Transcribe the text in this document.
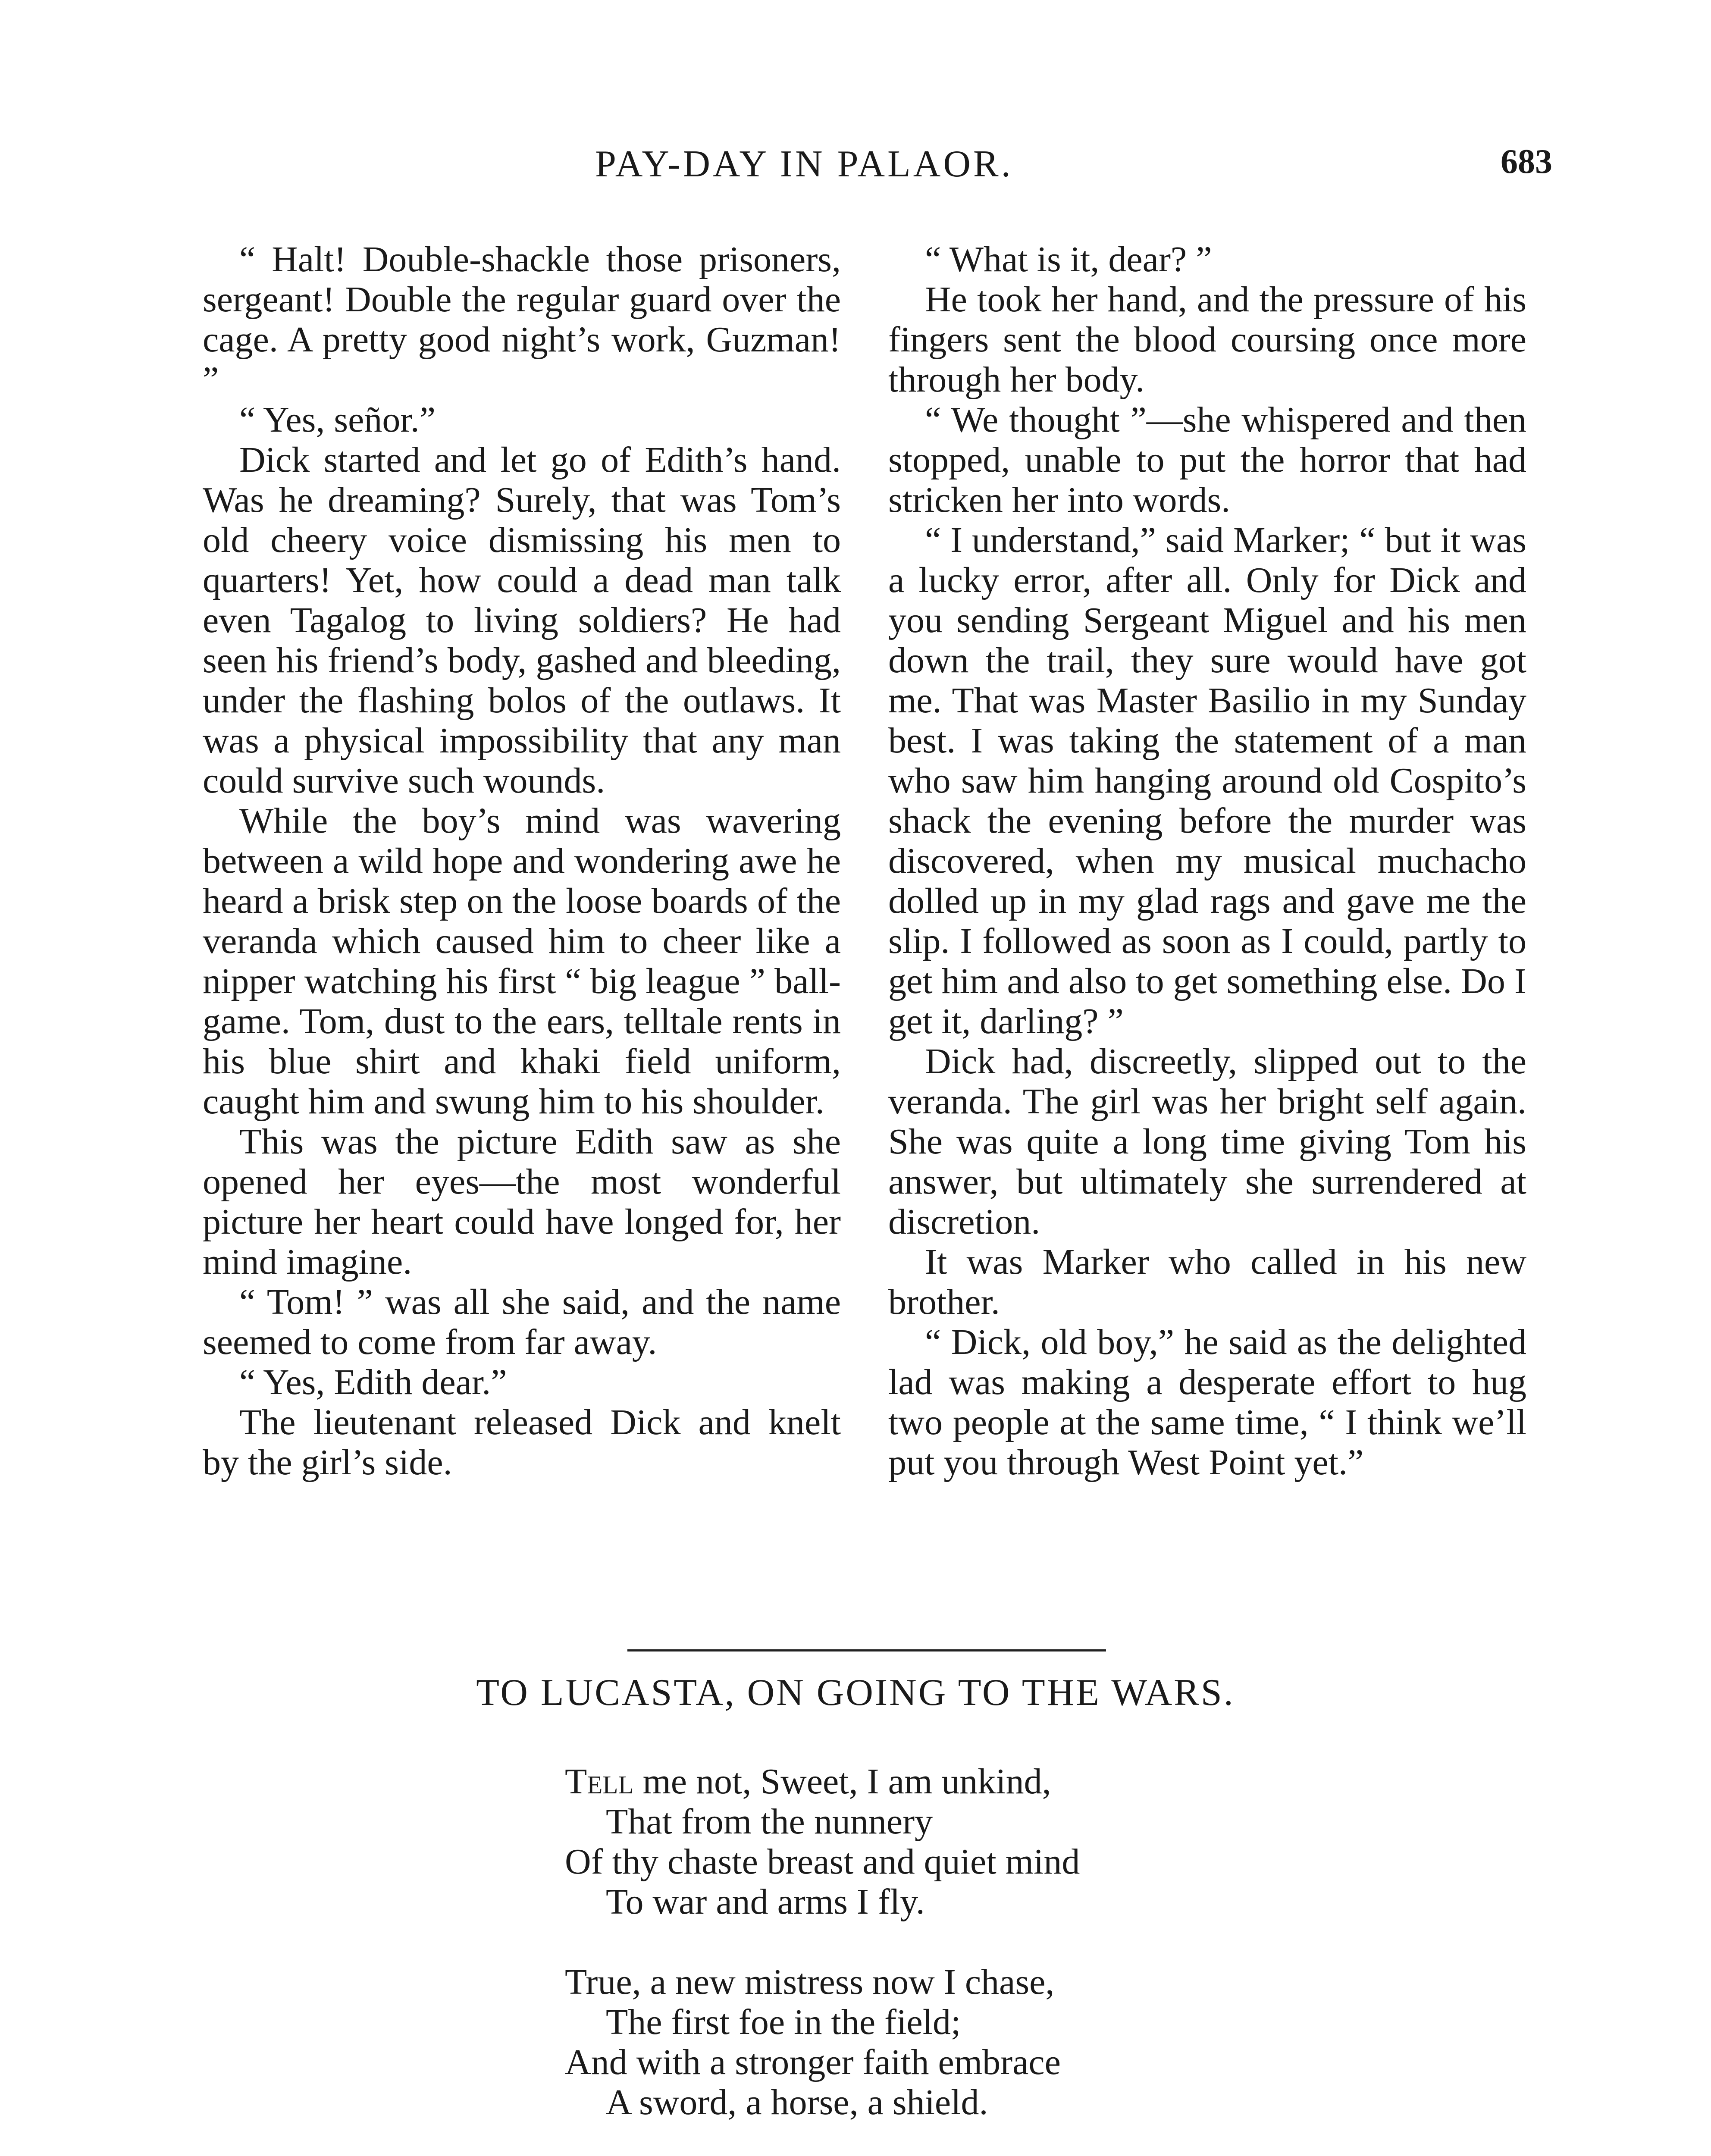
PAY-DAY IN PALAOR.	683

“ Halt! Double-shackle those prisoners, sergeant! Double the regular guard over the cage. A pretty good night’s work, Guzman! ”

“ Yes, señor.”

Dick started and let go of Edith’s hand. Was he dreaming? Surely, that was Tom’s old cheery voice dismissing his men to quarters! Yet, how could a dead man talk even Tagalog to living soldiers? He had seen his friend’s body, gashed and bleeding, under the flashing bolos of the outlaws. It was a physical impossibility that any man could survive such wounds.

While the boy’s mind was wavering between a wild hope and wondering awe he heard a brisk step on the loose boards of the veranda which caused him to cheer like a nipper watching his first “ big league ” ball-game. Tom, dust to the ears, telltale rents in his blue shirt and khaki field uniform, caught him and swung him to his shoulder.

This was the picture Edith saw as she opened her eyes—the most wonderful picture her heart could have longed for, her mind imagine.

“ Tom! ” was all she said, and the name seemed to come from far away.

“ Yes, Edith dear.”

The lieutenant released Dick and knelt by the girl’s side.

“ What is it, dear? ”

He took her hand, and the pressure of his fingers sent the blood coursing once more through her body.

“ We thought ”—she whispered and then stopped, unable to put the horror that had stricken her into words.

“ I understand,” said Marker; “ but it was a lucky error, after all. Only for Dick and you sending Sergeant Miguel and his men down the trail, they sure would have got me. That was Master Basilio in my Sunday best. I was taking the statement of a man who saw him hanging around old Cospito’s shack the evening before the murder was discovered, when my musical muchacho dolled up in my glad rags and gave me the slip. I followed as soon as I could, partly to get him and also to get something else. Do I get it, darling? ”

Dick had, discreetly, slipped out to the veranda. The girl was her bright self again. She was quite a long time giving Tom his answer, but ultimately she surrendered at discretion.

It was Marker who called in his new brother.

“ Dick, old boy,” he said as the delighted lad was making a desperate effort to hug two people at the same time, “ I think we’ll put you through West Point yet.”

TO LUCASTA, ON GOING TO THE WARS.
Tell me not, Sweet, I am unkind,
That from the nunnery
Of thy chaste breast and quiet mind
To war and arms I fly.
True, a new mistress now I chase,
The first foe in the field;
And with a stronger faith embrace
A sword, a horse, a shield.
